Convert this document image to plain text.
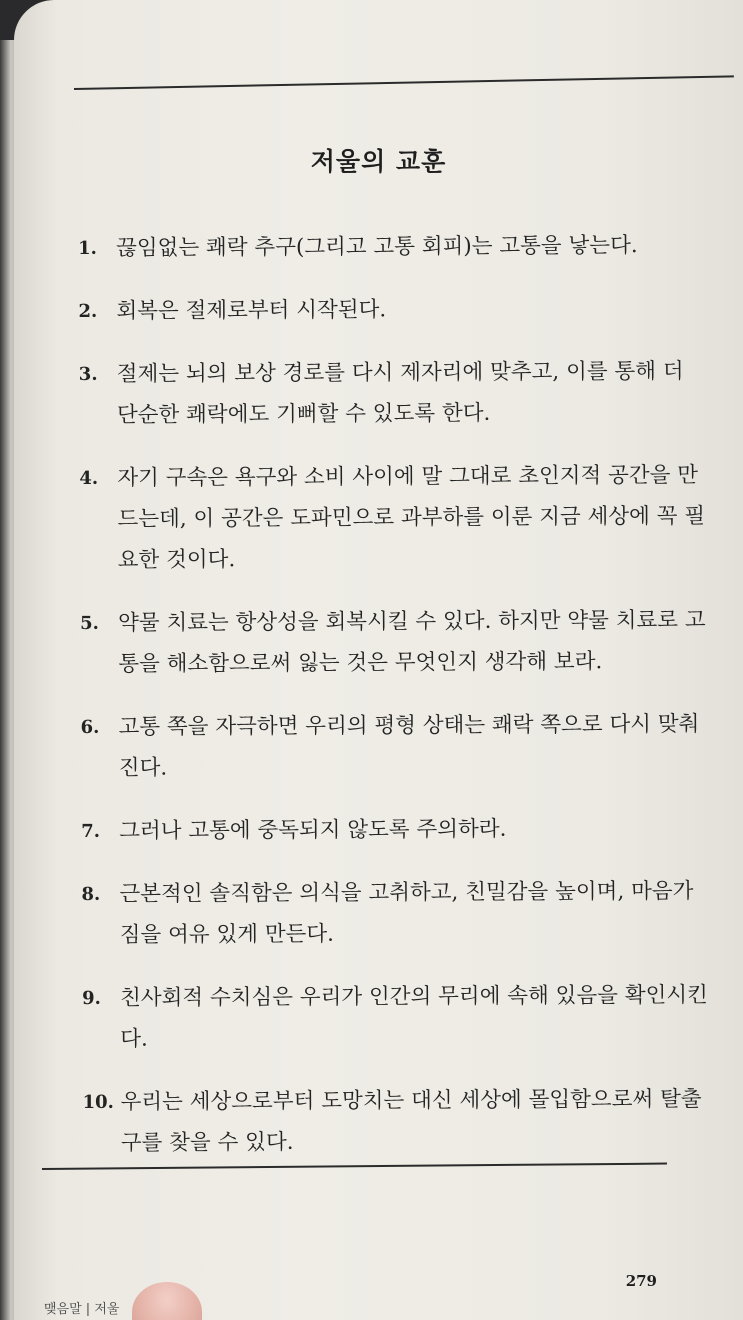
저울의 교훈
1. 끊임없는 쾌락 추구(그리고 고통 회피)는 고통을 낳는다.
2. 회복은 절제로부터 시작된다.
3. 절제는 뇌의 보상 경로를 다시 제자리에 맞추고, 이를 통해 더 단순한 쾌락에도 기뻐할 수 있도록 한다.
4. 자기 구속은 욕구와 소비 사이에 말 그대로 초인지적 공간을 만드는데, 이 공간은 도파민으로 과부하를 이룬 지금 세상에 꼭 필요한 것이다.
5. 약물 치료는 항상성을 회복시킬 수 있다. 하지만 약물 치료로 고통을 해소함으로써 잃는 것은 무엇인지 생각해 보라.
6. 고통 쪽을 자극하면 우리의 평형 상태는 쾌락 쪽으로 다시 맞춰진다.
7. 그러나 고통에 중독되지 않도록 주의하라.
8. 근본적인 솔직함은 의식을 고취하고, 친밀감을 높이며, 마음가짐을 여유 있게 만든다.
9. 친사회적 수치심은 우리가 인간의 무리에 속해 있음을 확인시킨다.
10. 우리는 세상으로부터 도망치는 대신 세상에 몰입함으로써 탈출구를 찾을 수 있다.
279
맺음말 | 저울
